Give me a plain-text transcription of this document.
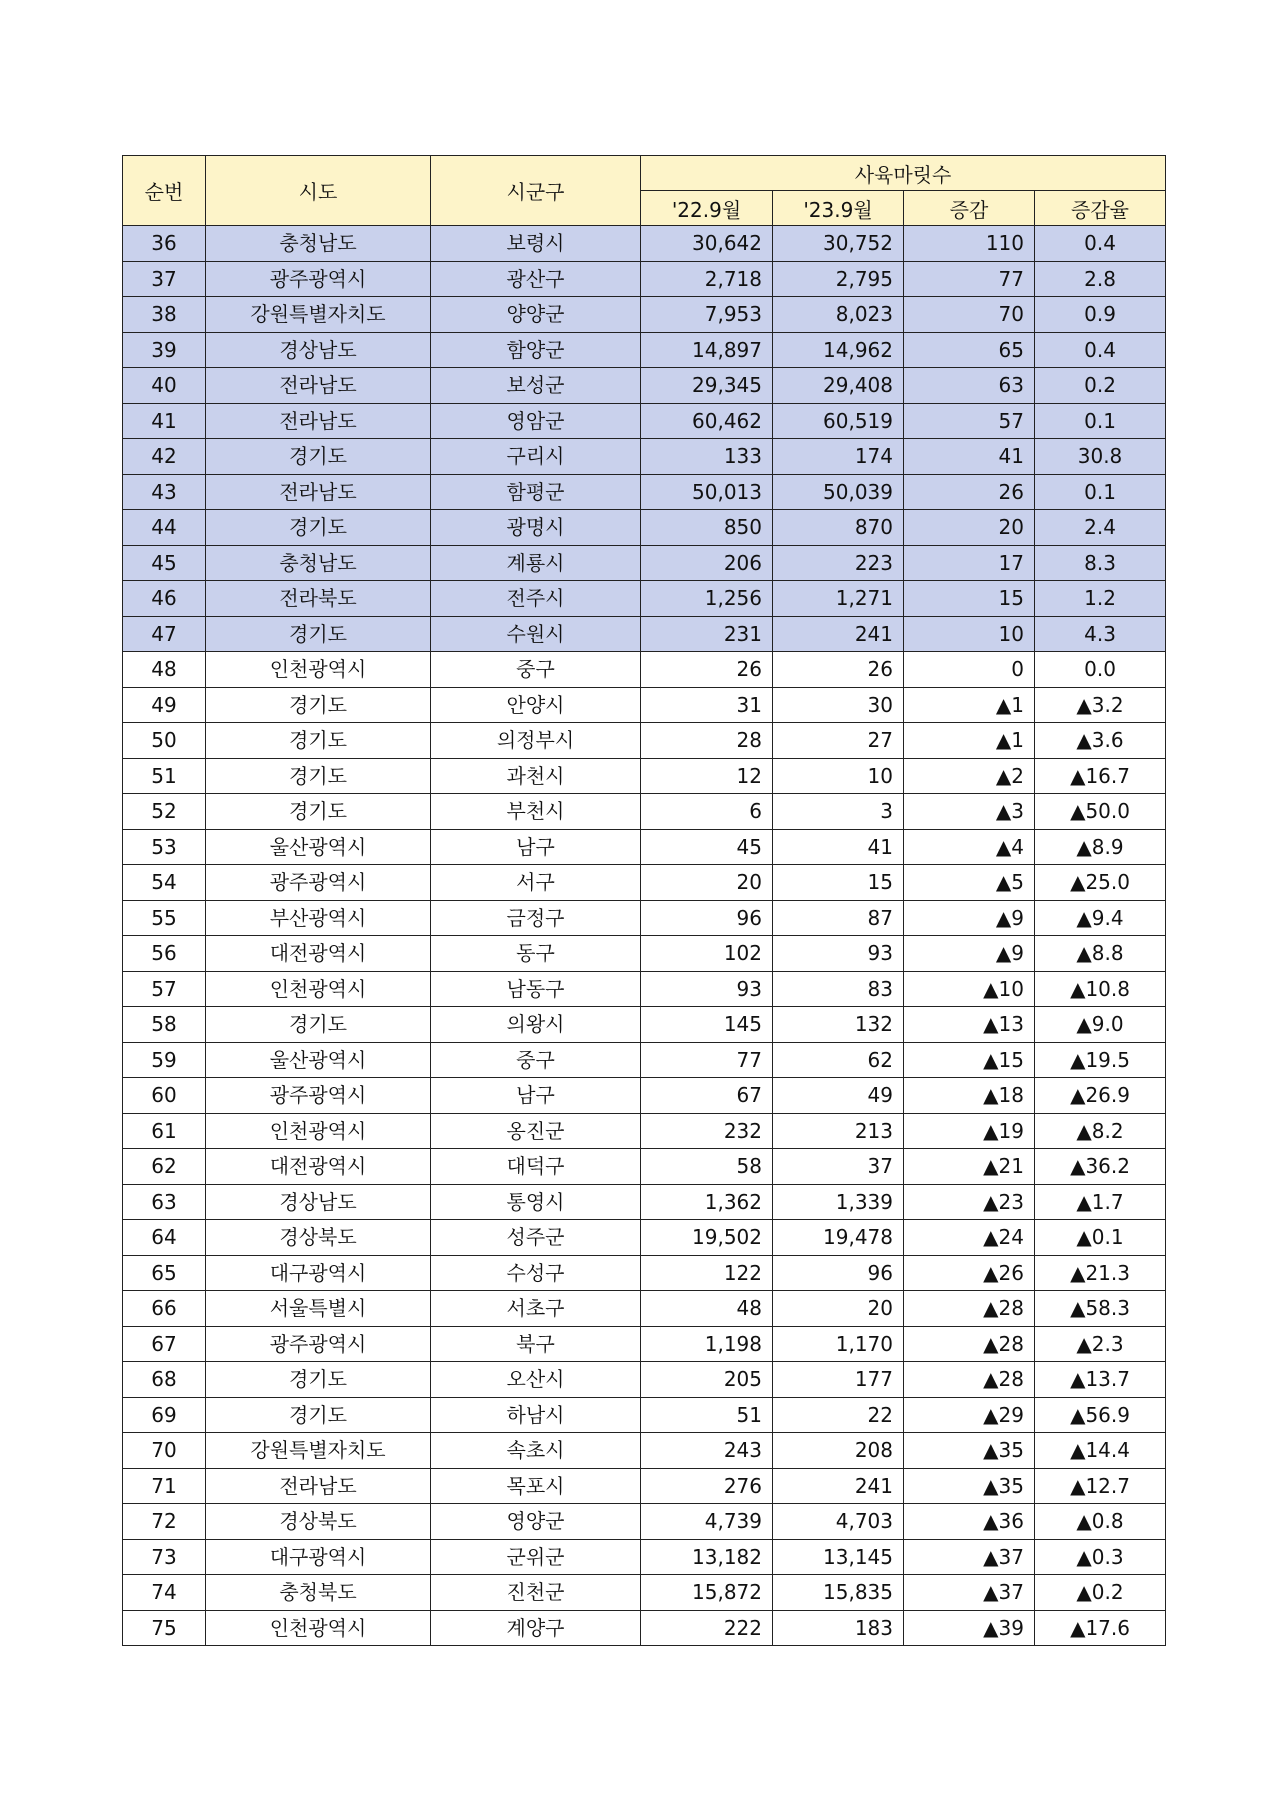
순번	시도	시군구	사육마릿수			
			'22.9월	'23.9월	증감	증감율
36	충청남도	보령시	30,642	30,752	110	0.4
37	광주광역시	광산구	2,718	2,795	77	2.8
38	강원특별자치도	양양군	7,953	8,023	70	0.9
39	경상남도	함양군	14,897	14,962	65	0.4
40	전라남도	보성군	29,345	29,408	63	0.2
41	전라남도	영암군	60,462	60,519	57	0.1
42	경기도	구리시	133	174	41	30.8
43	전라남도	함평군	50,013	50,039	26	0.1
44	경기도	광명시	850	870	20	2.4
45	충청남도	계룡시	206	223	17	8.3
46	전라북도	전주시	1,256	1,271	15	1.2
47	경기도	수원시	231	241	10	4.3
48	인천광역시	중구	26	26	0	0.0
49	경기도	안양시	31	30	▲1	▲3.2
50	경기도	의정부시	28	27	▲1	▲3.6
51	경기도	과천시	12	10	▲2	▲16.7
52	경기도	부천시	6	3	▲3	▲50.0
53	울산광역시	남구	45	41	▲4	▲8.9
54	광주광역시	서구	20	15	▲5	▲25.0
55	부산광역시	금정구	96	87	▲9	▲9.4
56	대전광역시	동구	102	93	▲9	▲8.8
57	인천광역시	남동구	93	83	▲10	▲10.8
58	경기도	의왕시	145	132	▲13	▲9.0
59	울산광역시	중구	77	62	▲15	▲19.5
60	광주광역시	남구	67	49	▲18	▲26.9
61	인천광역시	옹진군	232	213	▲19	▲8.2
62	대전광역시	대덕구	58	37	▲21	▲36.2
63	경상남도	통영시	1,362	1,339	▲23	▲1.7
64	경상북도	성주군	19,502	19,478	▲24	▲0.1
65	대구광역시	수성구	122	96	▲26	▲21.3
66	서울특별시	서초구	48	20	▲28	▲58.3
67	광주광역시	북구	1,198	1,170	▲28	▲2.3
68	경기도	오산시	205	177	▲28	▲13.7
69	경기도	하남시	51	22	▲29	▲56.9
70	강원특별자치도	속초시	243	208	▲35	▲14.4
71	전라남도	목포시	276	241	▲35	▲12.7
72	경상북도	영양군	4,739	4,703	▲36	▲0.8
73	대구광역시	군위군	13,182	13,145	▲37	▲0.3
74	충청북도	진천군	15,872	15,835	▲37	▲0.2
75	인천광역시	계양구	222	183	▲39	▲17.6
